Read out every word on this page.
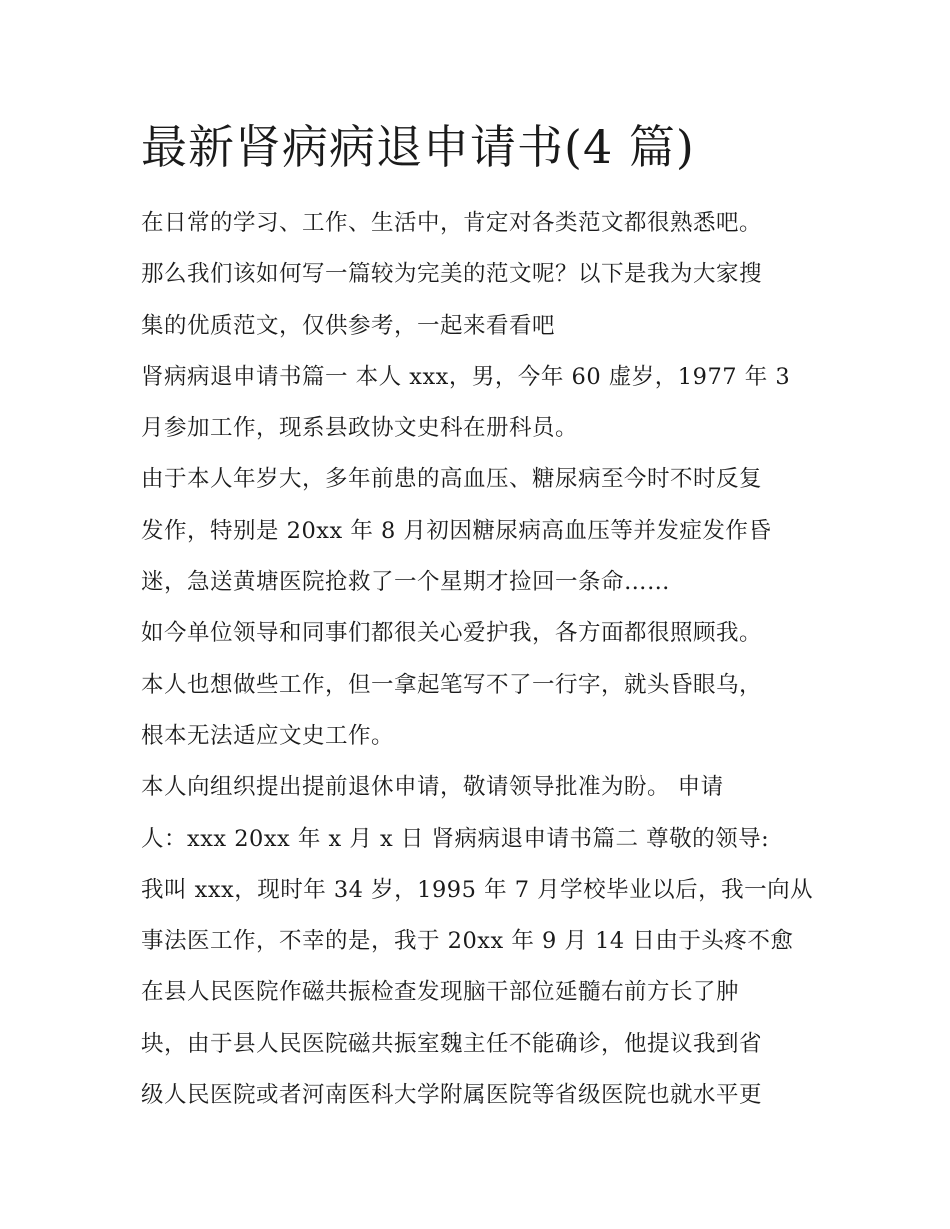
最新肾病病退申请书(4 篇)
在日常的学习、工作、生活中，肯定对各类范文都很熟悉吧。
那么我们该如何写一篇较为完美的范文呢？以下是我为大家搜
集的优质范文，仅供参考，一起来看看吧
肾病病退申请书篇一 本人 xxx，男，今年 60 虚岁，1977 年 3
月参加工作，现系县政协文史科在册科员。
由于本人年岁大，多年前患的高血压、糖尿病至今时不时反复
发作，特别是 20xx 年 8 月初因糖尿病高血压等并发症发作昏
迷，急送黄塘医院抢救了一个星期才捡回一条命……
如今单位领导和同事们都很关心爱护我，各方面都很照顾我。
本人也想做些工作，但一拿起笔写不了一行字，就头昏眼乌，
根本无法适应文史工作。
本人向组织提出提前退休申请，敬请领导批准为盼。 申请
人：xxx 20xx 年 x 月 x 日 肾病病退申请书篇二 尊敬的领导:
我叫 xxx，现时年 34 岁，1995 年 7 月学校毕业以后，我一向从
事法医工作，不幸的是，我于 20xx 年 9 月 14 日由于头疼不愈
在县人民医院作磁共振检查发现脑干部位延髓右前方长了肿
块，由于县人民医院磁共振室魏主任不能确诊，他提议我到省
级人民医院或者河南医科大学附属医院等省级医院也就水平更
